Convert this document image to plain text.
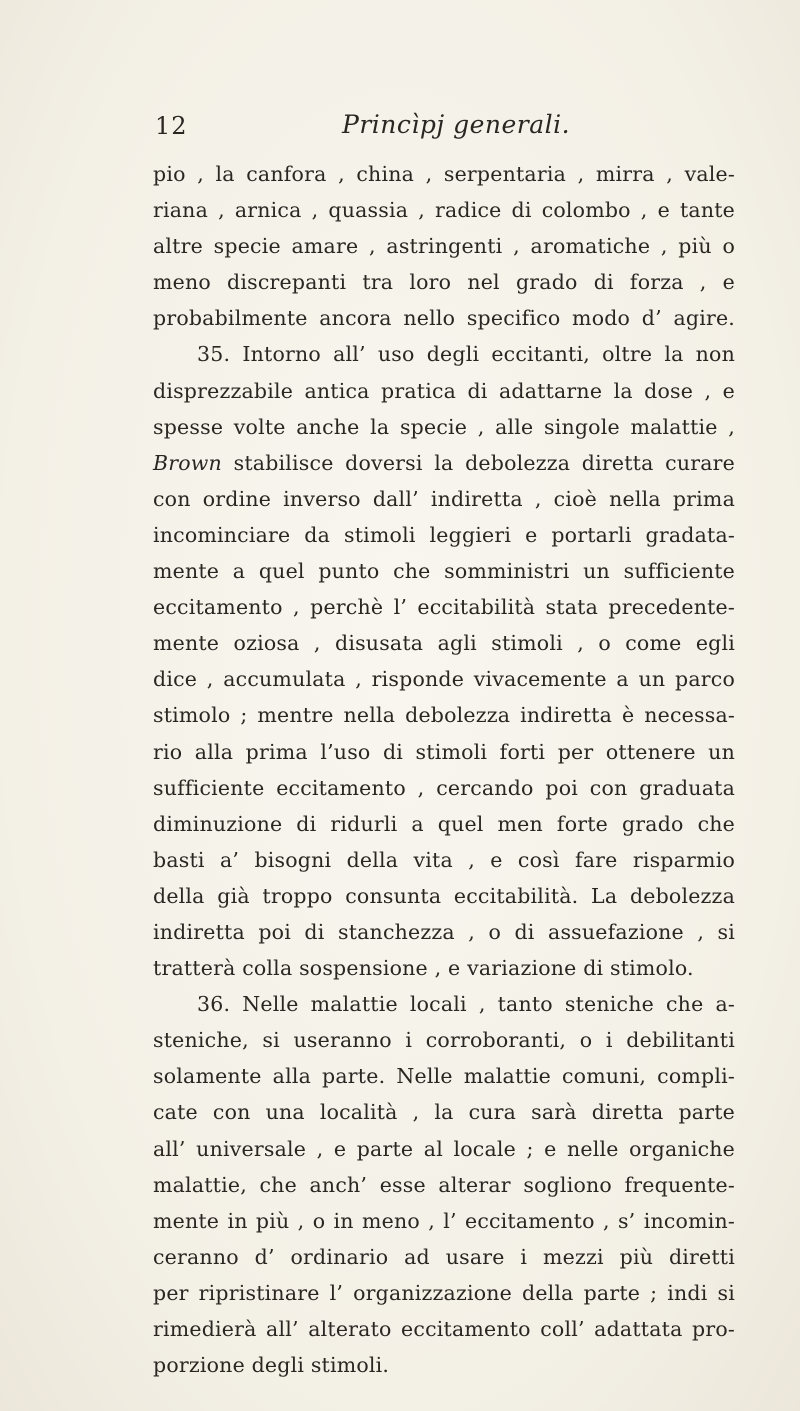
12	Princìpj generali.
pio , la canfora , china , serpentaria , mirra , vale-
riana , arnica , quassia , radice di colombo , e tante
altre specie amare , astringenti , aromatiche , più o
meno discrepanti tra loro nel grado di forza , e
probabilmente ancora nello specifico modo d’ agire.
35. Intorno all’ uso degli eccitanti, oltre la non
disprezzabile antica pratica di adattarne la dose , e
spesse volte anche la specie , alle singole malattie ,
Brown stabilisce doversi la debolezza diretta curare
con ordine inverso dall’ indiretta , cioè nella prima
incominciare da stimoli leggieri e portarli gradata-
mente a quel punto che somministri un sufficiente
eccitamento , perchè l’ eccitabilità stata precedente-
mente oziosa , disusata agli stimoli , o come egli
dice , accumulata , risponde vivacemente a un parco
stimolo ; mentre nella debolezza indiretta è necessa-
rio alla prima l’uso di stimoli forti per ottenere un
sufficiente eccitamento , cercando poi con graduata
diminuzione di ridurli a quel men forte grado che
basti a’ bisogni della vita , e così fare risparmio
della già troppo consunta eccitabilità. La debolezza
indiretta poi di stanchezza , o di assuefazione , si
tratterà colla sospensione , e variazione di stimolo.
36. Nelle malattie locali , tanto steniche che a-
steniche, si useranno i corroboranti, o i debilitanti
solamente alla parte. Nelle malattie comuni, compli-
cate con una località , la cura sarà diretta parte
all’ universale , e parte al locale ; e nelle organiche
malattie, che anch’ esse alterar sogliono frequente-
mente in più , o in meno , l’ eccitamento , s’ incomin-
ceranno d’ ordinario ad usare i mezzi più diretti
per ripristinare l’ organizzazione della parte ; indi si
rimedierà all’ alterato eccitamento coll’ adattata pro-
porzione degli stimoli.
